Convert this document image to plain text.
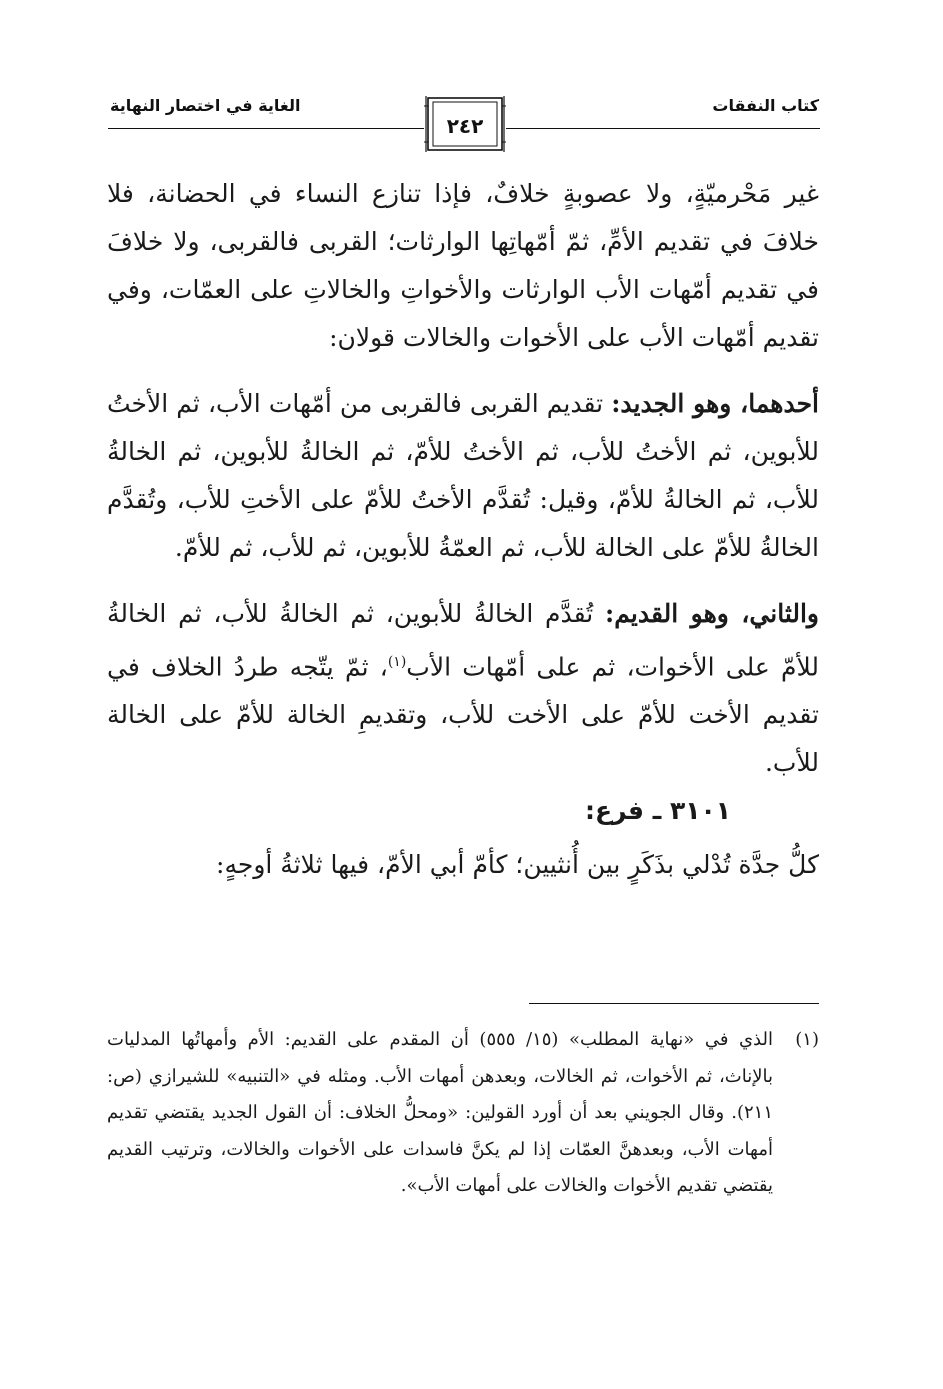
كتاب النفقات
الغاية في اختصار النهاية
٢٤٢

غير مَحْرميّةٍ، ولا عصوبةٍ خلافٌ، فإذا تنازع النساء في الحضانة، فلا خلافَ في تقديم الأمِّ، ثمّ أمّهاتِها الوارثات؛ القربى فالقربى، ولا خلافَ في تقديم أمّهات الأب الوارثات والأخواتِ والخالاتِ على العمّات، وفي تقديم أمّهات الأب على الأخوات والخالات قولان:

أحدهما، وهو الجديد: تقديم القربى فالقربى من أمّهات الأب، ثم الأختُ للأبوين، ثم الأختُ للأب، ثم الأختُ للأمّ، ثم الخالةُ للأبوين، ثم الخالةُ للأب، ثم الخالةُ للأمّ، وقيل: تُقدَّم الأختُ للأمّ على الأختِ للأب، وتُقدَّم الخالةُ للأمّ على الخالة للأب، ثم العمّةُ للأبوين، ثم للأب، ثم للأمّ.

والثاني، وهو القديم: تُقدَّم الخالةُ للأبوين، ثم الخالةُ للأب، ثم الخالةُ للأمّ على الأخوات، ثم على أمّهات الأب$^{(١)}$، ثمّ يتّجه طردُ الخلاف في تقديم الأخت للأمّ على الأخت للأب، وتقديمِ الخالة للأمّ على الخالة للأب.

٣١٠١ ـ فرع:

كلُّ جدَّة تُدْلي بذَكَرٍ بين أُنثيين؛ كأمّ أبي الأمّ، فيها ثلاثةُ أوجهٍ:

(١)
الذي في «نهاية المطلب» (١٥/ ٥٥٥) أن المقدم على القديم: الأم وأمهاتُها المدليات بالإناث، ثم الأخوات، ثم الخالات، وبعدهن أمهات الأب. ومثله في «التنبيه» للشيرازي (ص: ٢١١). وقال الجويني بعد أن أورد القولين: «ومحلُّ الخلاف: أن القول الجديد يقتضي تقديم أمهات الأب، وبعدهنَّ العمّات إذا لم يكنَّ فاسدات على الأخوات والخالات، وترتيب القديم يقتضي تقديم الأخوات والخالات على أمهات الأب».
